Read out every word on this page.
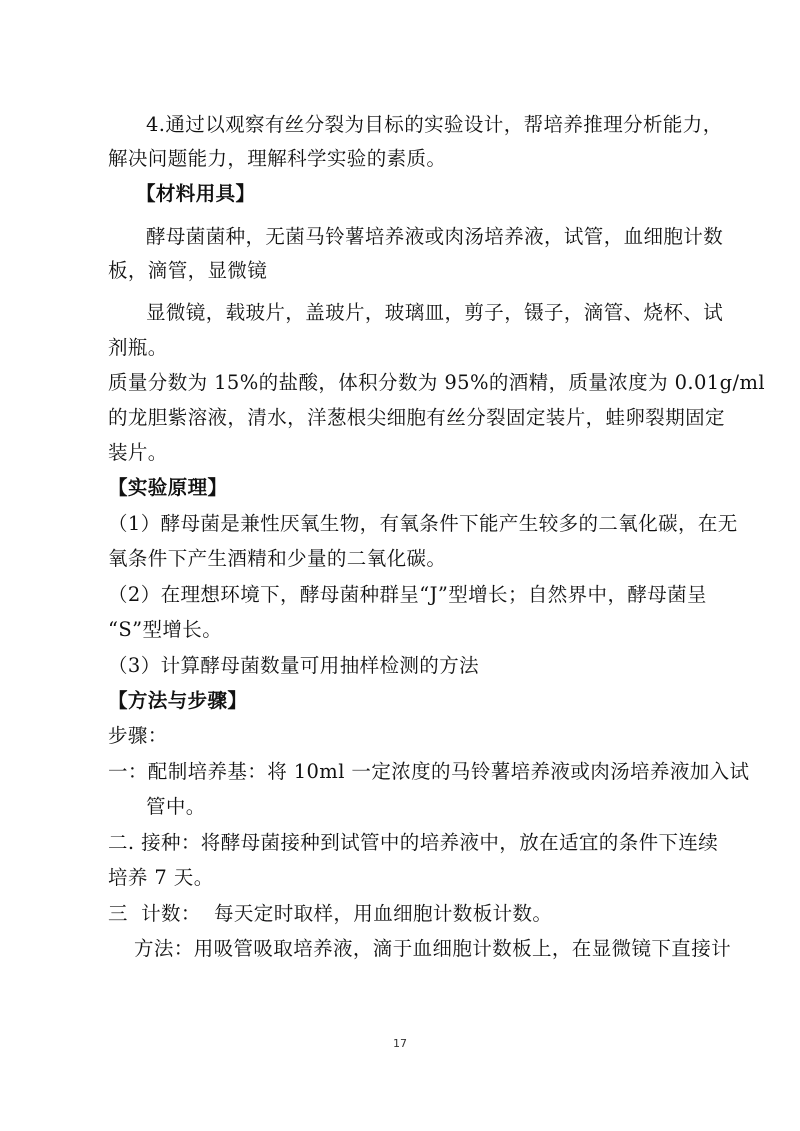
4.通过以观察有丝分裂为目标的实验设计，帮培养推理分析能力，
解决问题能力，理解科学实验的素质。
【材料用具】
酵母菌菌种，无菌马铃薯培养液或肉汤培养液，试管，血细胞计数
板，滴管，显微镜
显微镜，载玻片，盖玻片，玻璃皿，剪子，镊子，滴管、烧杯、试
剂瓶。
质量分数为 15%的盐酸，体积分数为 95%的酒精，质量浓度为 0.01g/ml
的龙胆紫溶液，清水，洋葱根尖细胞有丝分裂固定装片，蛙卵裂期固定
装片。
【实验原理】
（1）酵母菌是兼性厌氧生物，有氧条件下能产生较多的二氧化碳，在无
氧条件下产生酒精和少量的二氧化碳。
（2）在理想环境下，酵母菌种群呈“J”型增长；自然界中，酵母菌呈
“S”型增长。
（3）计算酵母菌数量可用抽样检测的方法
【方法与步骤】
步骤：
一：配制培养基：将 10ml 一定浓度的马铃薯培养液或肉汤培养液加入试
管中。
二. 接种：将酵母菌接种到试管中的培养液中，放在适宜的条件下连续
培养 7 天。
三  计数：  每天定时取样，用血细胞计数板计数。
方法：用吸管吸取培养液，滴于血细胞计数板上，在显微镜下直接计
17
